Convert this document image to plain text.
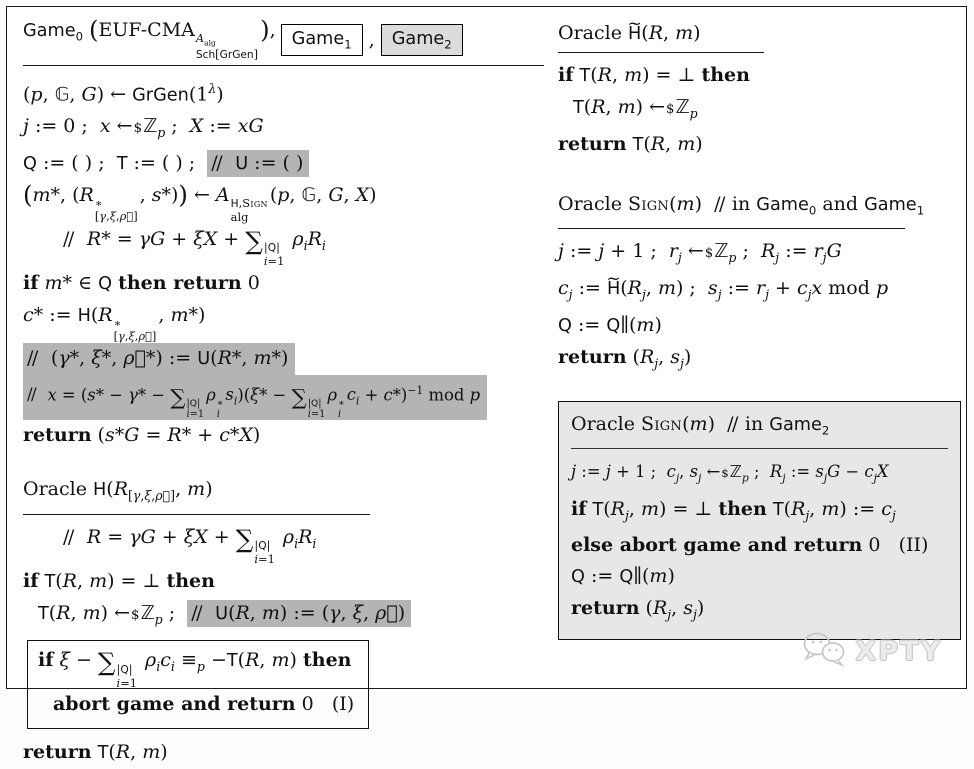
Game$_0$ (EUF-CMA $A_{alg}$
Sch[GrGen]
), Game$_1$ , Game$_2$
(p, 𝔾, G) ← $GrGen(1^\lambda)$
j := 0 ;  x ←$ℤ$_p$ ;  X := xG
Q := ( ) ;  T := ( ) ;  // U := ( )
(m*, (R ∗
[γ,ξ,ρ⃗]
, s*)) ← A H,Sign
alg
(p, 𝔾, G, X)
// R* = γG + ξX + ∑ |Q|
i=1
$\rho_iR_i$
if m* ∈ Q then return 0
c* := H(R ∗
[γ,ξ,ρ⃗]
, m*)
//  (γ*, ξ*, ρ⃗*) := U(R*, m*)
// x = (s* − γ* − ∑ |Q|
i=1
ρ ∗
i
$s_i)(\xi*$ − ∑ |Q|
i=1
ρ ∗
i
$c_i + c*)^{-1}$ mod p
return (s*G = R* + c*X)
Oracle $H(R_{[\gamma,\xi,\rho⃗]}$, m)
// R = γG + ξX + ∑ |Q|
i=1
$\rho_iR_i$
if T(R, m) = ⊥ then
T(R, m) ←$ℤ$_p$ ;  // U(R, m) := (γ, ξ, ρ⃗)
if ξ − ∑ |Q|
i=1
$\rho_ic_i \equiv_p -T(R$, m) then
abort game and return 0   (I)
return T(R, m)
Oracle H ~(R, m)
if T(R, m) = ⊥ then
T(R, m) ←$ℤ$_p$
return T(R, m)
Oracle Sign(m)  // in Game$_0$ and Game$_1$
j := j + 1 ;  $r_j$ ←$ℤ$_p$ ;  $R_j$ := $r_jG$
$c_j$ := H $\sim(R_j$, m) ;  $s_j$ := $r_j + c_jx$ mod p
Q := Q∥(m)
return ($R_j$, $s_j$)
Oracle Sign(m)  // in Game$_2$
j := j + 1 ;  $c_j$, $s_j$ ←$ℤ$_p$ ;  $R_j$ := $s_jG - c_jX$
if $T(R_j$, m) = ⊥ then $T(R_j$, m) := $c_j$
else abort game and return 0   (II)
Q := Q∥(m)
return ($R_j$, $s_j$)
XPTY
